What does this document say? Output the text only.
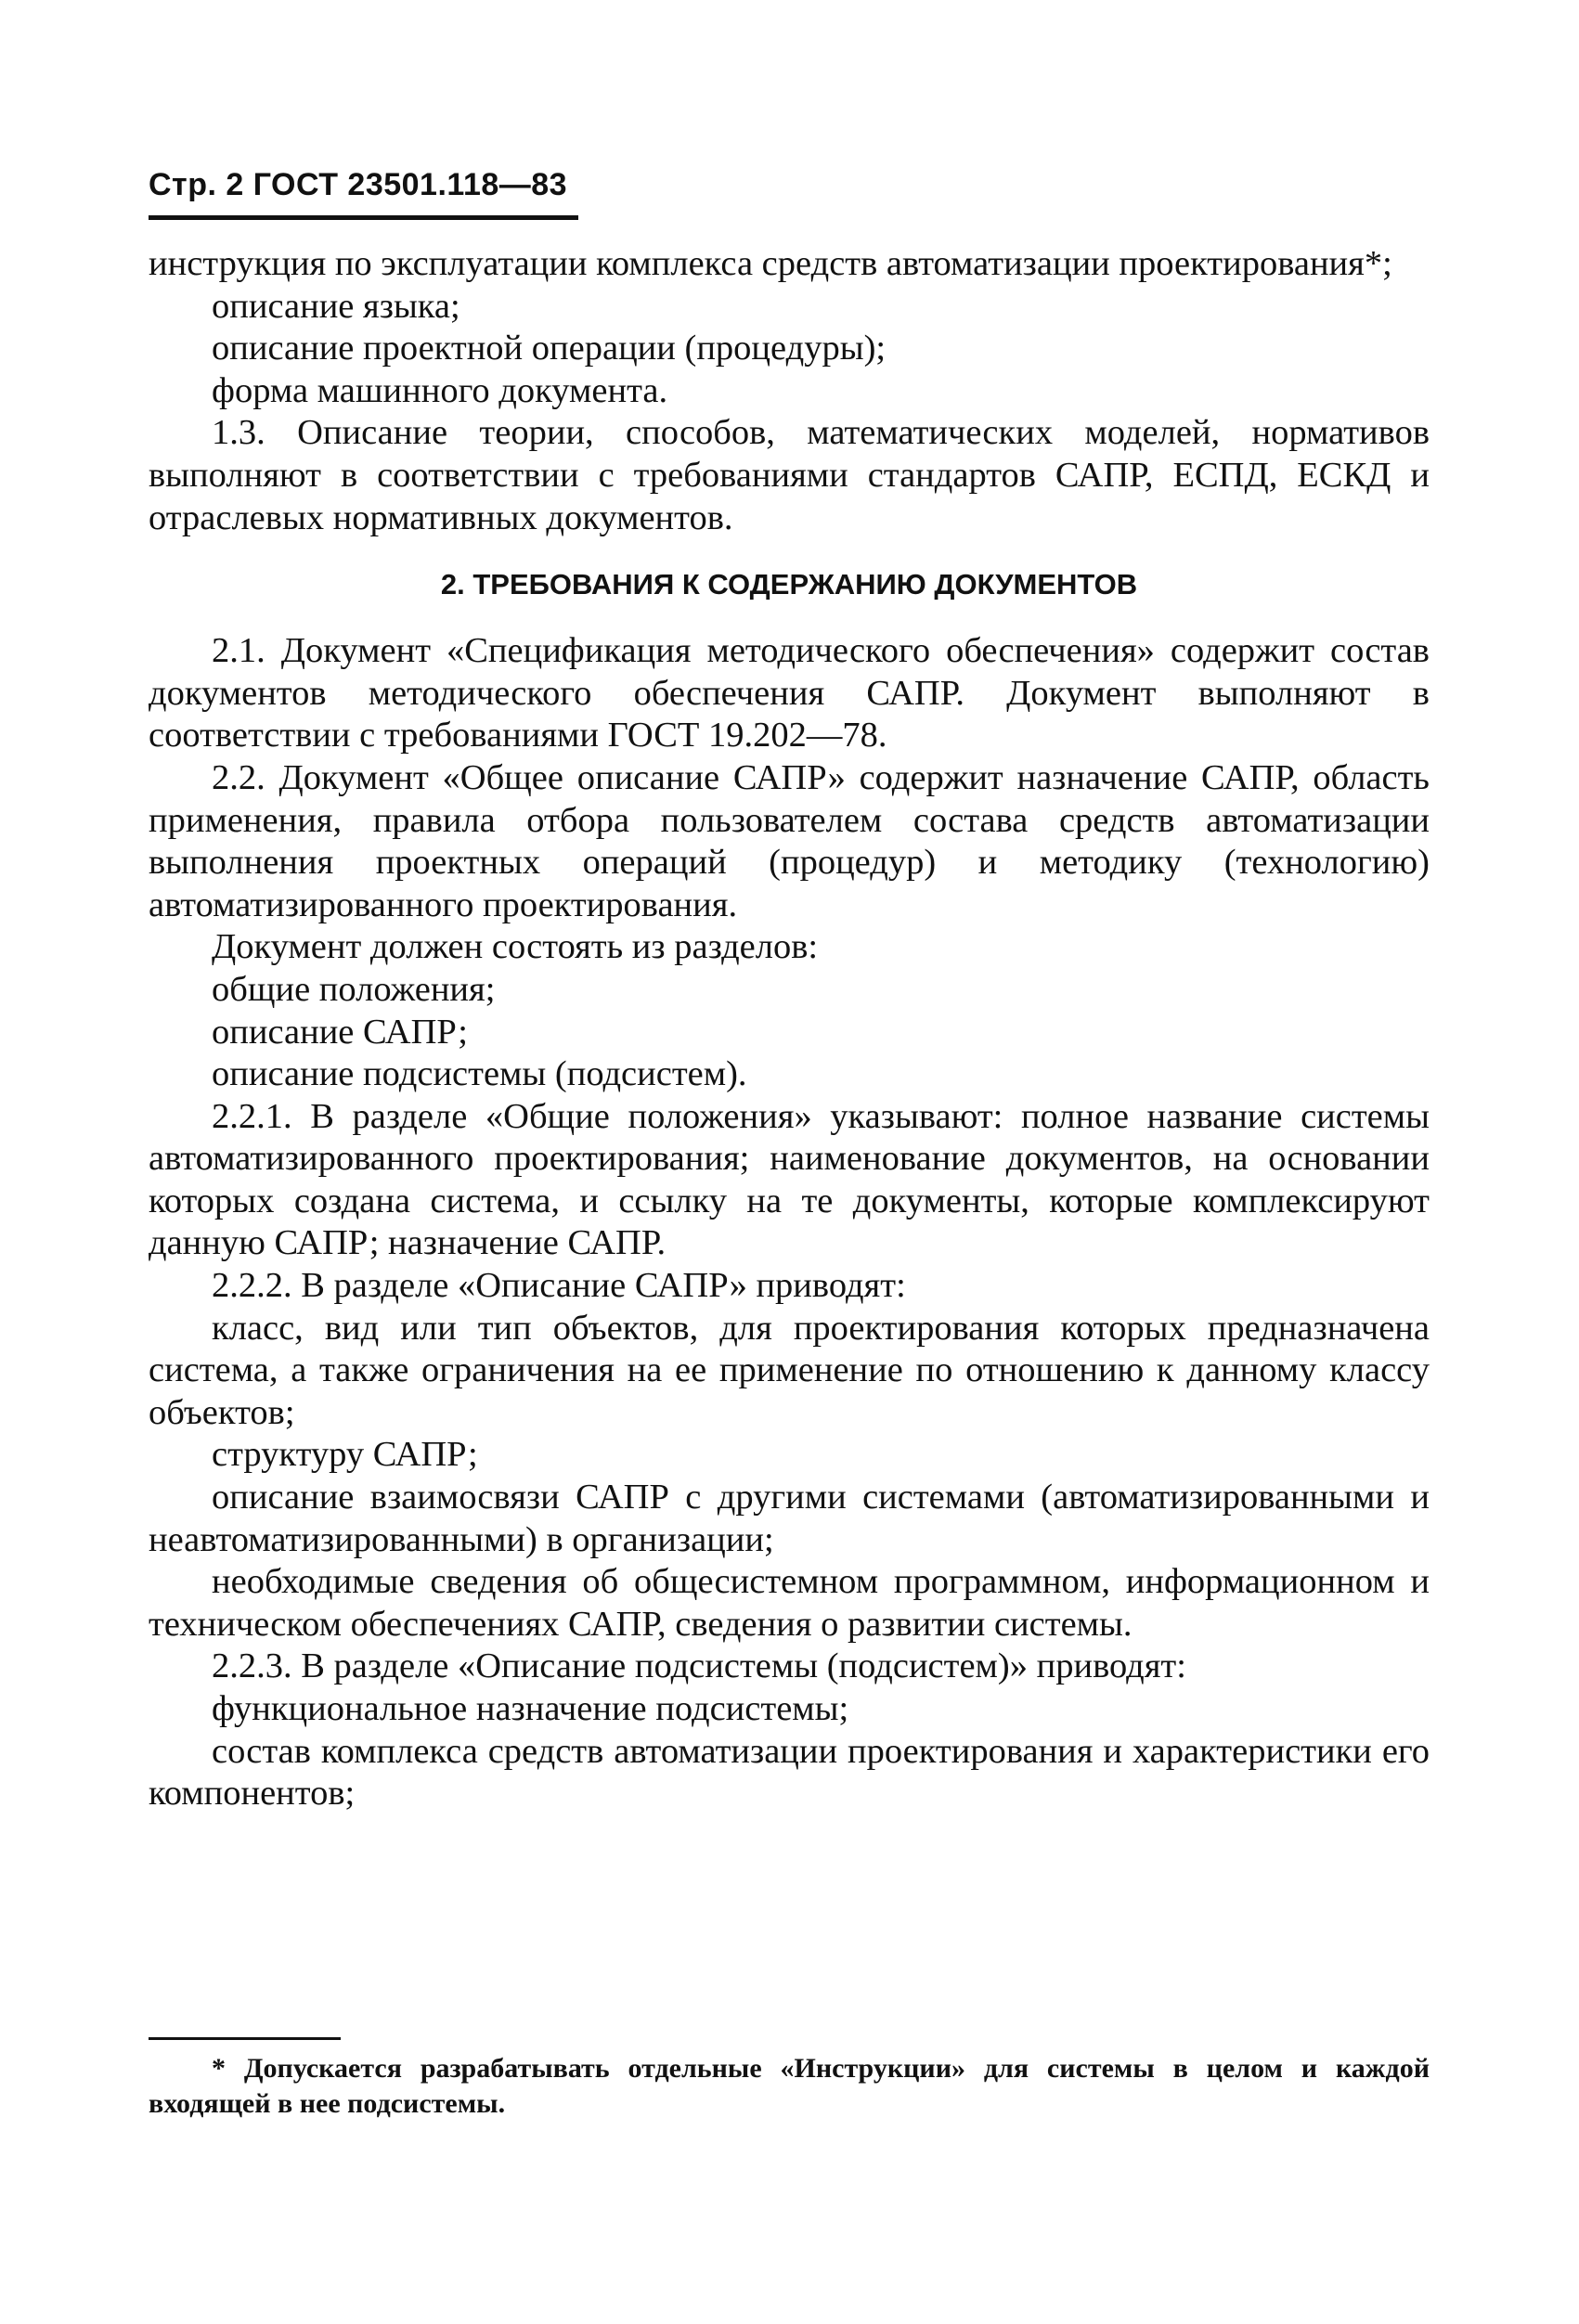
Стр. 2 ГОСТ 23501.118—83

инструкция по эксплуатации комплекса средств автоматизации проектирования*;

описание языка;

описание проектной операции (процедуры);

форма машинного документа.

1.3. Описание теории, способов, математических моделей, нормативов выполняют в соответствии с требованиями стандартов САПР, ЕСПД, ЕСКД и отраслевых нормативных документов.

2. ТРЕБОВАНИЯ К СОДЕРЖАНИЮ ДОКУМЕНТОВ

2.1. Документ «Спецификация методического обеспечения» содержит состав документов методического обеспечения САПР. Документ выполняют в соответствии с требованиями ГОСТ 19.202—78.

2.2. Документ «Общее описание САПР» содержит назначение САПР, область применения, правила отбора пользователем состава средств автоматизации выполнения проектных операций (процедур) и методику (технологию) автоматизированного проектирования.

Документ должен состоять из разделов:

общие положения;

описание САПР;

описание подсистемы (подсистем).

2.2.1. В разделе «Общие положения» указывают: полное название системы автоматизированного проектирования; наименование документов, на основании которых создана система, и ссылку на те документы, которые комплексируют данную САПР; назначение САПР.

2.2.2. В разделе «Описание САПР» приводят:

класс, вид или тип объектов, для проектирования которых предназначена система, а также ограничения на ее применение по отношению к данному классу объектов;

структуру САПР;

описание взаимосвязи САПР с другими системами (автоматизированными и неавтоматизированными) в организации;

необходимые сведения об общесистемном программном, информационном и техническом обеспечениях САПР, сведения о развитии системы.

2.2.3. В разделе «Описание подсистемы (подсистем)» приводят:

функциональное назначение подсистемы;

состав комплекса средств автоматизации проектирования и характеристики его компонентов;

* Допускается разрабатывать отдельные «Инструкции» для системы в целом и каждой входящей в нее подсистемы.
